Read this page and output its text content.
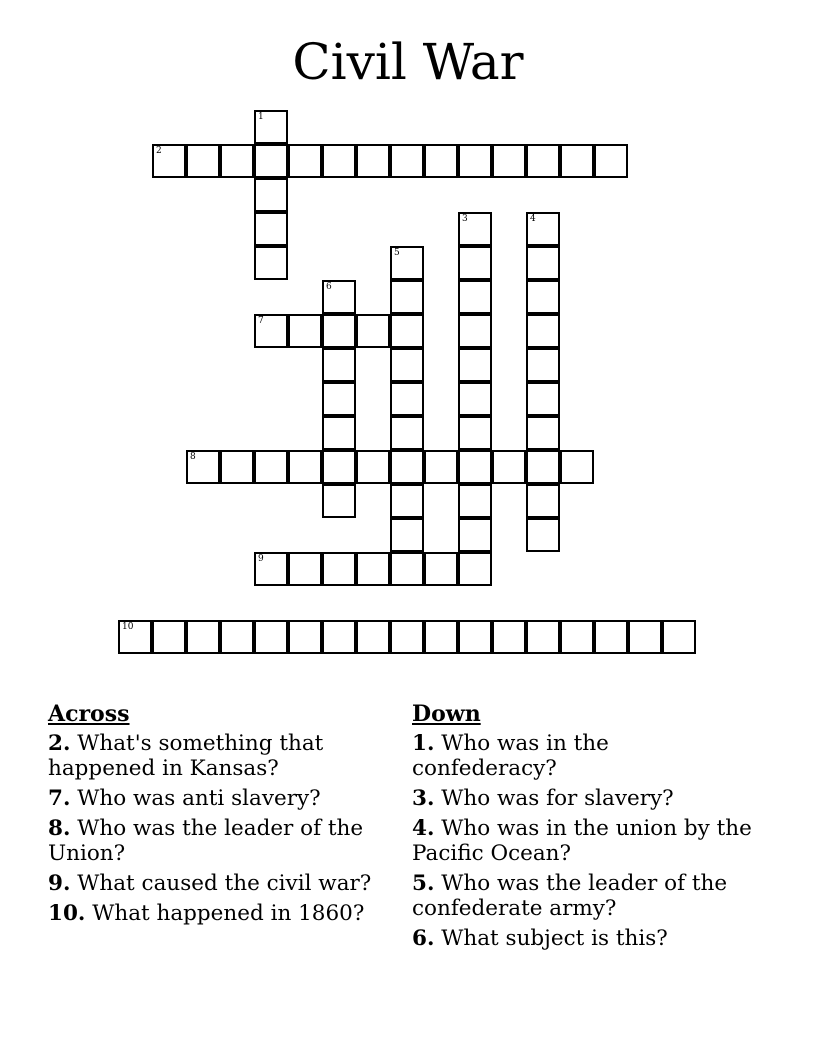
Civil War
1
2
3	4
5
6
7
8
9
10
Across
2. What's something that happened in Kansas?
7. Who was anti slavery?
8. Who was the leader of the Union?
9. What caused the civil war?
10. What happened in 1860?
Down
1. Who was in the confederacy?
3. Who was for slavery?
4. Who was in the union by the Pacific Ocean?
5. Who was the leader of the confederate army?
6. What subject is this?
